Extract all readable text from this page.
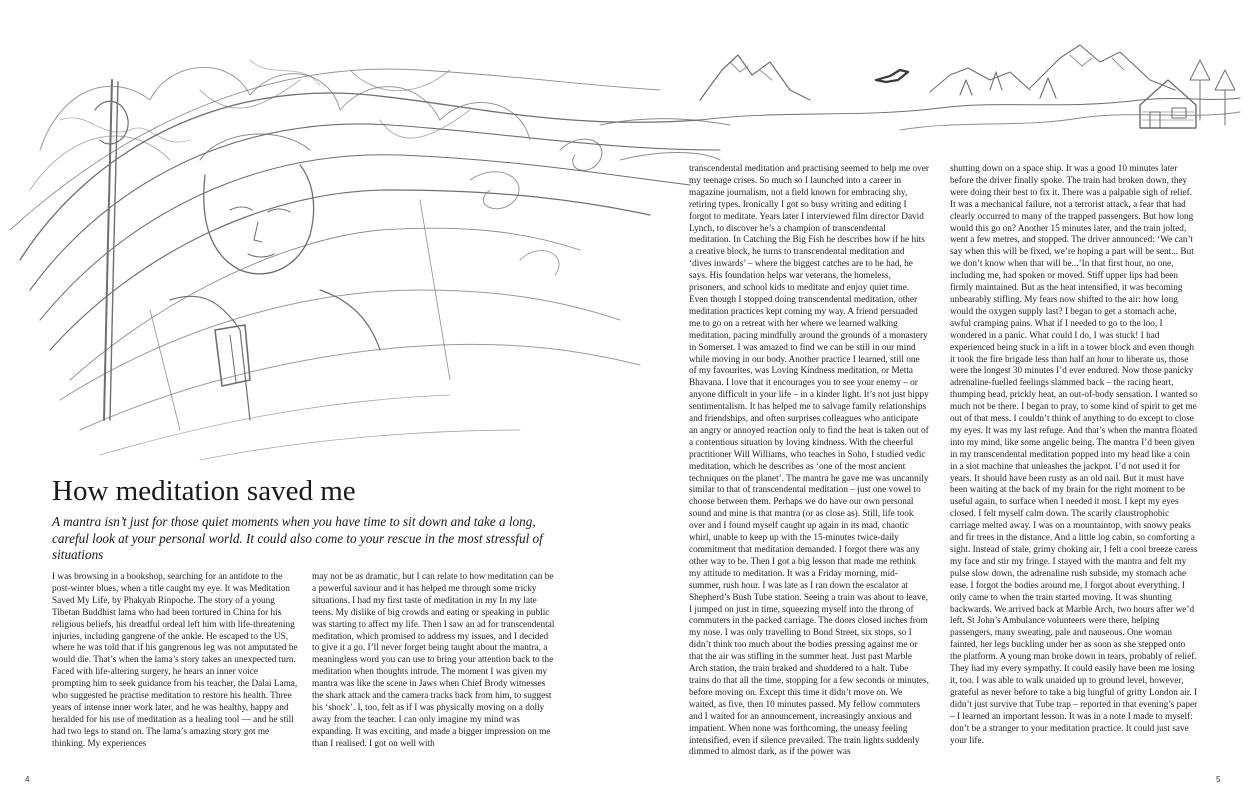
How meditation saved me

A mantra isn’t just for those quiet moments when you have time to sit down and take a long, careful look at your personal world. It could also come to your rescue in the most stressful of situations

I was browsing in a bookshop, searching for an antidote to the post-winter blues, when a title caught my eye. It was Meditation Saved My Life, by Phakyab Rinpoche. The story of a young Tibetan Buddhist lama who had been tortured in China for his religious beliefs, his dreadful ordeal left him with life-threatening injuries, including gangrene of the ankle. He escaped to the US, where he was told that if his gangrenous leg was not amputated he would die. That’s when the lama’s story takes an unexpected turn. Faced with life-altering surgery, he hears an inner voice prompting him to seek guidance from his teacher, the Dalai Lama, who suggested he practise meditation to restore his health. Three years of intense inner work later, and he was healthy, happy and heralded for his use of meditation as a healing tool — and he still had two legs to stand on. The lama’s amazing story got me thinking. My experiences

may not be as dramatic, but I can relate to how meditation can be a powerful saviour and it has helped me through some tricky situations. I had my first taste of meditation in my In my late teens. My dislike of big crowds and eating or speaking in public was starting to affect my life. Then I saw an ad for transcendental meditation, which promised to address my issues, and I decided to give it a go. I’ll never forget being taught about the mantra, a meaningless word you can use to bring your attention back to the meditation when thoughts intrude. The moment I was given my mantra was like the scene in Jaws when Chief Brody witnesses the shark attack and the camera tracks back from him, to suggest his ‘shock’. I, too, felt as if I was physically moving on a dolly away from the teacher. I can only imagine my mind was expanding. It was exciting, and made a bigger impression on me than I realised. I got on well with

transcendental meditation and practising seemed to help me over my teenage crises. So much so I launched into a career in magazine journalism, not a field known for embracing shy, retiring types. Ironically I got so busy writing and editing I forgot to meditate. Years later I interviewed film director David Lynch, to discover he’s a champion of transcendental meditation. In Catching the Big Fish he describes how if he hits a creative block, he turns to transcendental meditation and ‘dives inwards’ – where the biggest catches are to be had, he says. His foundation helps war veterans, the homeless, prisoners, and school kids to meditate and enjoy quiet time. Even though I stopped doing transcendental meditation, other meditation practices kept coming my way. A friend persuaded me to go on a retreat with her where we learned walking meditation, pacing mindfully around the grounds of a monastery in Somerset. I was amazed to find we can be still in our mind while moving in our body. Another practice I learned, still one of my favourites, was Loving Kindness meditation, or Metta Bhavana. I love that it encourages you to see your enemy – or anyone difficult in your life – in a kinder light. It’s not just hippy sentimentalism. It has helped me to salvage family relationships and friendships, and often surprises colleagues who anticipate an angry or annoyed reaction only to find the heat is taken out of a contentious situation by loving kindness. With the cheerful practitioner Will Williams, who teaches in Soho, I studied vedic meditation, which he describes as ‘one of the most ancient techniques on the planet’. The mantra he gave me was uncannily similar to that of transcendental meditation – just one vowel to choose between them. Perhaps we do have our own personal sound and mine is that mantra (or as close as). Still, life took over and I found myself caught up again in its mad, chaotic whirl, unable to keep up with the 15-minutes twice-daily commitment that meditation demanded. I forgot there was any other way to be. Then I got a big lesson that made me rethink my attitude to meditation. It was a Friday morning, mid-summer, rush hour. I was late as I ran down the escalator at Shepherd’s Bush Tube station. Seeing a train was about to leave, I jumped on just in time, squeezing myself into the throng of commuters in the packed carriage. The doors closed inches from my nose. I was only travelling to Bond Street, six stops, so I didn’t think too much about the bodies pressing against me or that the air was stifling in the summer heat. Just past Marble Arch station, the train braked and shuddered to a halt. Tube trains do that all the time, stopping for a few seconds or minutes, before moving on. Except this time it didn’t move on. We waited, as five, then 10 minutes passed. My fellow commuters and I waited for an announcement, increasingly anxious and impatient. When none was forthcoming, the uneasy feeling intensified, even if silence prevailed. The train lights suddenly dimmed to almost dark, as if the power was

shutting down on a space ship. It was a good 10 minutes later before the driver finally spoke. The train had broken down, they were doing their best to fix it. There was a palpable sigh of relief. It was a mechanical failure, not a terrorist attack, a fear that had clearly occurred to many of the trapped passengers. But how long would this go on? Another 15 minutes later, and the train jolted, went a few metres, and stopped. The driver announced: ‘We can’t say when this will be fixed, we’re hoping a part will be sent... But we don’t know when that will be...’In that first hour, no one, including me, had spoken or moved. Stiff upper lips had been firmly maintained. But as the heat intensified, it was becoming unbearably stifling. My fears now shifted to the air: how long would the oxygen supply last? I began to get a stomach ache, awful cramping pains. What if I needed to go to the loo, I wondered in a panic. What could I do, I was stuck! I had experienced being stuck in a lift in a tower block and even though it took the fire brigade less than half an hour to liberate us, those were the longest 30 minutes I’d ever endured. Now those panicky adrenaline-fuelled feelings slammed back – the racing heart, thumping head, prickly heat, an out-of-body sensation. I wanted so much not be there. I began to pray, to some kind of spirit to get me out of that mess. I couldn’t think of anything to do except to close my eyes. It was my last refuge. And that’s when the mantra floated into my mind, like some angelic being. The mantra I’d been given in my transcendental meditation popped into my head like a coin in a slot machine that unleashes the jackpot. I’d not used it for years. It should have been rusty as an old nail. But it must have been waiting at the back of my brain for the right moment to be useful again, to surface when I needed it most. I kept my eyes closed. I felt myself calm down. The scarily claustrophobic carriage melted away. I was on a mountaintop, with snowy peaks and fir trees in the distance. And a little log cabin, so comforting a sight. Instead of stale, grimy choking air, I felt a cool breeze caress my face and stir my fringe. I stayed with the mantra and felt my pulse slow down, the adrenaline rush subside, my stomach ache ease. I forgot the bodies around me, I forgot about everything. I only came to when the train started moving. It was shunting backwards. We arrived back at Marble Arch, two hours after we’d left. St John’s Ambulance volunteers were there, helping passengers, many sweating, pale and nauseous. One woman fainted, her legs buckling under her as soon as she stepped onto the platform. A young man broke down in tears, probably of relief. They had my every sympathy. It could easily have been me losing it, too. I was able to walk unaided up to ground level, however, grateful as never before to take a big lungful of gritty London air. I didn’t just survive that Tube trap – reported in that evening’s paper – I learned an important lesson. It was in a note I made to myself: don’t be a stranger to your meditation practice. It could just save your life.

4	5
